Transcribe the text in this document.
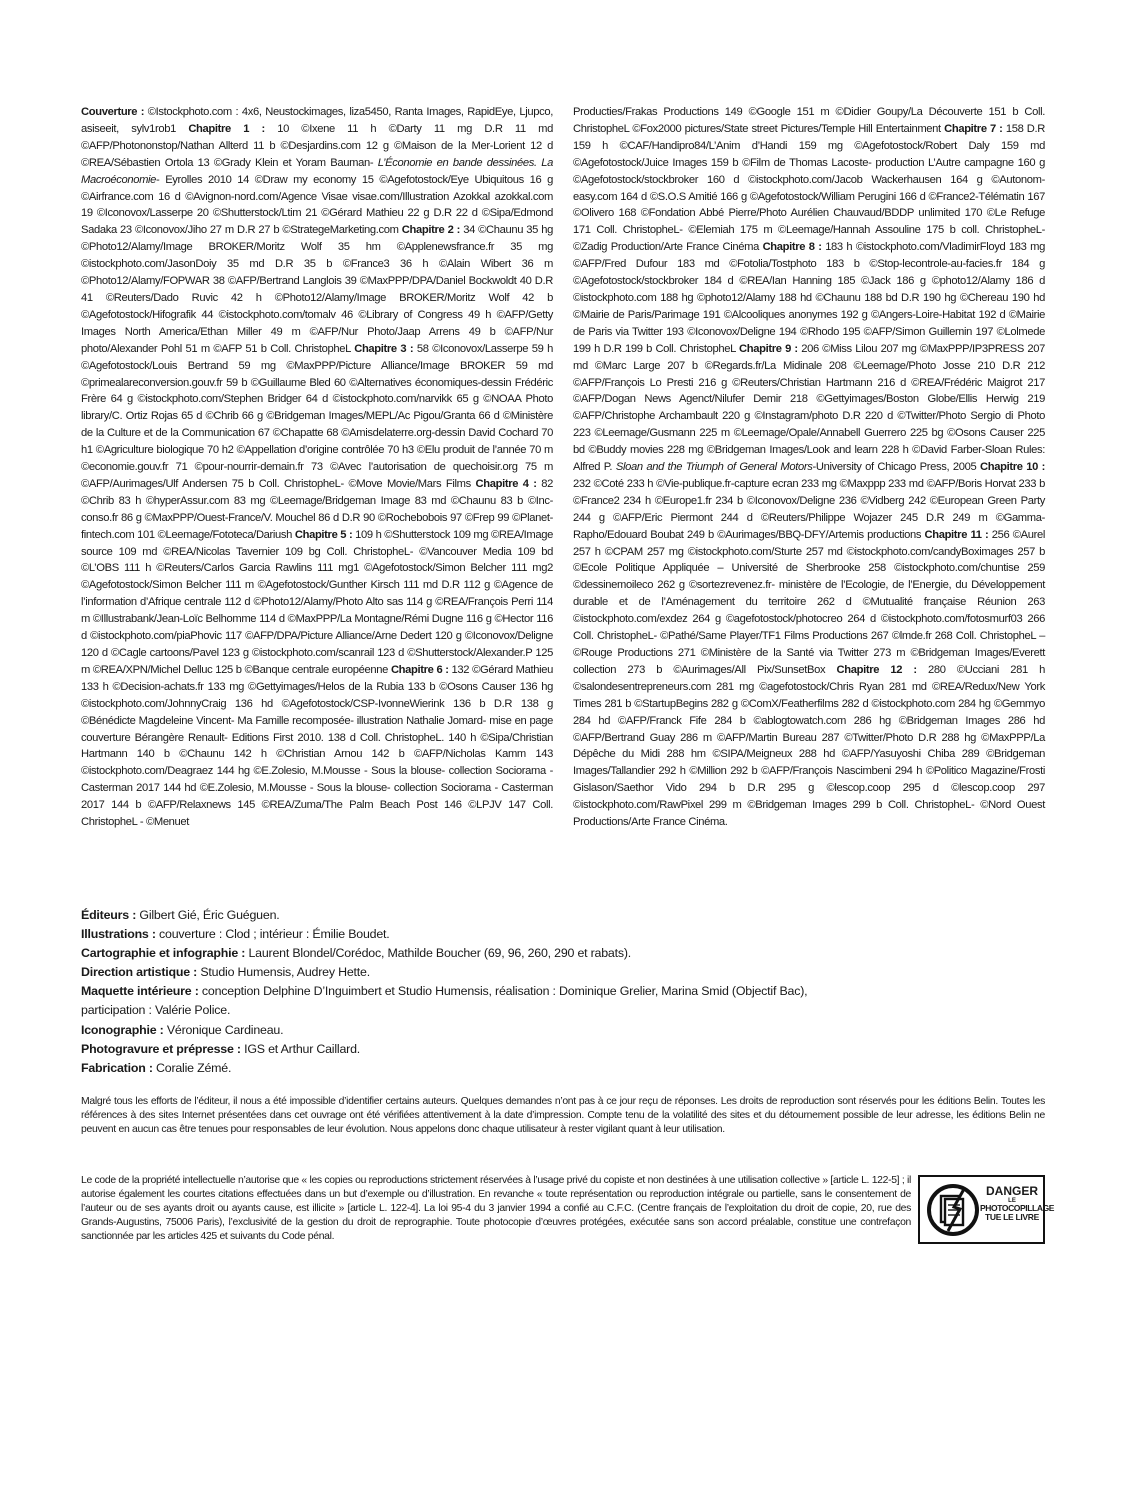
Couverture : ©Istockphoto.com : 4x6, Neustockimages, liza5450, Ranta Images, RapidEye, Ljupco, asiseeit, sylv1rob1 Chapitre 1 : 10 ©Ixene 11 h ©Darty 11 mg D.R 11 md ©AFP/Photononstop/Nathan Allterd 11 b ©Desjardins.com 12 g ©Maison de la Mer-Lorient 12 d ©REA/Sébastien Ortola 13 ©Grady Klein et Yoram Bauman- L’Économie en bande dessinées. La Macroéconomie- Eyrolles 2010 14 ©Draw my economy 15 ©Agefotostock/Eye Ubiquitous 16 g ©Airfrance.com 16 d ©Avignon-nord.com/Agence Visae visae.com/Illustration Azokkal azokkal.com 19 ©Iconovox/Lasserpe 20 ©Shutterstock/Ltim 21 ©Gérard Mathieu 22 g D.R 22 d ©Sipa/Edmond Sadaka 23 ©Iconovox/Jiho 27 m D.R 27 b ©StrategeMarketing.com Chapitre 2 : 34 ©Chaunu 35 hg ©Photo12/Alamy/Image BROKER/Moritz Wolf 35 hm ©Applenewsfrance.fr 35 mg ©istockphoto.com/JasonDoiy 35 md D.R 35 b ©France3 36 h ©Alain Wibert 36 m ©Photo12/Alamy/FOPWAR 38 ©AFP/Bertrand Langlois 39 ©MaxPPP/DPA/Daniel Bockwoldt 40 D.R 41 ©Reuters/Dado Ruvic 42 h ©Photo12/Alamy/Image BROKER/Moritz Wolf 42 b ©Agefotostock/Hifografik 44 ©istockphoto.com/tomalv 46 ©Library of Congress 49 h ©AFP/Getty Images North America/Ethan Miller 49 m ©AFP/Nur Photo/Jaap Arrens 49 b ©AFP/Nur photo/Alexander Pohl 51 m ©AFP 51 b Coll. ChristopheL Chapitre 3 : 58 ©Iconovox/Lasserpe 59 h ©Agefotostock/Louis Bertrand 59 mg ©MaxPPP/Picture Alliance/Image BROKER 59 md ©primealareconversion.gouv.fr 59 b ©Guillaume Bled 60 ©Alternatives économiques-dessin Frédéric Frère 64 g ©istockphoto.com/Stephen Bridger 64 d ©istockphoto.com/narvikk 65 g ©NOAA Photo library/C. Ortiz Rojas 65 d ©Chrib 66 g ©Bridgeman Images/MEPL/Ac Pigou/Granta 66 d ©Ministère de la Culture et de la Communication 67 ©Chapatte 68 ©Amisdelaterre.org-dessin David Cochard 70 h1 ©Agriculture biologique 70 h2 ©Appellation d’origine contrôlée 70 h3 ©Elu produit de l’année 70 m ©economie.gouv.fr 71 ©pour-nourrir-demain.fr 73 ©Avec l’autorisation de quechoisir.org 75 m ©AFP/Aurimages/Ulf Andersen 75 b Coll. ChristopheL- ©Move Movie/Mars Films Chapitre 4 : 82 ©Chrib 83 h ©hyperAssur.com 83 mg ©Leemage/Bridgeman Image 83 md ©Chaunu 83 b ©Inc-conso.fr 86 g ©MaxPPP/Ouest-France/V. Mouchel 86 d D.R 90 ©Rochebobois 97 ©Frep 99 ©Planet-fintech.com 101 ©Leemage/Fototeca/Dariush Chapitre 5 : 109 h ©Shutterstock 109 mg ©REA/Image source 109 md ©REA/Nicolas Tavernier 109 bg Coll. ChristopheL- ©Vancouver Media 109 bd ©L’OBS 111 h ©Reuters/Carlos Garcia Rawlins 111 mg1 ©Agefotostock/Simon Belcher 111 mg2 ©Agefotostock/Simon Belcher 111 m ©Agefotostock/Gunther Kirsch 111 md D.R 112 g ©Agence de l’information d’Afrique centrale 112 d ©Photo12/Alamy/Photo Alto sas 114 g ©REA/François Perri 114 m ©Illustrabank/Jean-Loïc Belhomme 114 d ©MaxPPP/La Montagne/Rémi Dugne 116 g ©Hector 116 d ©istockphoto.com/piaPhovic 117 ©AFP/DPA/Picture Alliance/Arne Dedert 120 g ©Iconovox/Deligne 120 d ©Cagle cartoons/Pavel 123 g ©istockphoto.com/scanrail 123 d ©Shutterstock/Alexander.P 125 m ©REA/XPN/Michel Delluc 125 b ©Banque centrale européenne Chapitre 6 : 132 ©Gérard Mathieu 133 h ©Decision-achats.fr 133 mg ©Gettyimages/Helos de la Rubia 133 b ©Osons Causer 136 hg ©istockphoto.com/JohnnyCraig 136 hd ©Agefotostock/CSP-IvonneWierink 136 b D.R 138 g ©Bénédicte Magdeleine Vincent- Ma Famille recomposée- illustration Nathalie Jomard- mise en page couverture Bérangère Renault- Editions First 2010. 138 d Coll. ChristopheL. 140 h ©Sipa/Christian Hartmann 140 b ©Chaunu 142 h ©Christian Arnou 142 b ©AFP/Nicholas Kamm 143 ©istockphoto.com/Deagraez 144 hg ©E.Zolesio, M.Mousse - Sous la blouse- collection Sociorama - Casterman 2017 144 hd ©E.Zolesio, M.Mousse - Sous la blouse- collection Sociorama - Casterman 2017 144 b ©AFP/Relaxnews 145 ©REA/Zuma/The Palm Beach Post 146 ©LPJV 147 Coll. ChristopheL - ©Menuet
Producties/Frakas Productions 149 ©Google 151 m ©Didier Goupy/La Découverte 151 b Coll. ChristopheL ©Fox2000 pictures/State street Pictures/Temple Hill Entertainment Chapitre 7 : 158 D.R 159 h ©CAF/Handipro84/L’Anim d’Handi 159 mg ©Agefotostock/Robert Daly 159 md ©Agefotostock/Juice Images 159 b ©Film de Thomas Lacoste- production L’Autre campagne 160 g ©Agefotostock/stockbroker 160 d ©istockphoto.com/Jacob Wackerhausen 164 g ©Autonom-easy.com 164 d ©S.O.S Amitié 166 g ©Agefotostock/William Perugini 166 d ©France2-Télématin 167 ©Olivero 168 ©Fondation Abbé Pierre/Photo Aurélien Chauvaud/BDDP unlimited 170 ©Le Refuge 171 Coll. ChristopheL- ©Elemiah 175 m ©Leemage/Hannah Assouline 175 b coll. ChristopheL- ©Zadig Production/Arte France Cinéma Chapitre 8 : 183 h ©istockphoto.com/VladimirFloyd 183 mg ©AFP/Fred Dufour 183 md ©Fotolia/Tostphoto 183 b ©Stop-lecontrole-au-facies.fr 184 g ©Agefotostock/stockbroker 184 d ©REA/Ian Hanning 185 ©Jack 186 g ©photo12/Alamy 186 d ©istockphoto.com 188 hg ©photo12/Alamy 188 hd ©Chaunu 188 bd D.R 190 hg ©Chereau 190 hd ©Mairie de Paris/Parimage 191 ©Alcooliques anonymes 192 g ©Angers-Loire-Habitat 192 d ©Mairie de Paris via Twitter 193 ©Iconovox/Deligne 194 ©Rhodo 195 ©AFP/Simon Guillemin 197 ©Lolmede 199 h D.R 199 b Coll. ChristopheL Chapitre 9 : 206 ©Miss Lilou 207 mg ©MaxPPP/IP3PRESS 207 md ©Marc Large 207 b ©Regards.fr/La Midinale 208 ©Leemage/Photo Josse 210 D.R 212 ©AFP/François Lo Presti 216 g ©Reuters/Christian Hartmann 216 d ©REA/Frédéric Maigrot 217 ©AFP/Dogan News Agenct/Nilufer Demir 218 ©Gettyimages/Boston Globe/Ellis Herwig 219 ©AFP/Christophe Archambault 220 g ©Instagram/photo D.R 220 d ©Twitter/Photo Sergio di Photo 223 ©Leemage/Gusmann 225 m ©Leemage/Opale/Annabell Guerrero 225 bg ©Osons Causer 225 bd ©Buddy movies 228 mg ©Bridgeman Images/Look and learn 228 h ©David Farber-Sloan Rules: Alfred P. Sloan and the Triumph of General Motors-University of Chicago Press, 2005 Chapitre 10 : 232 ©Coté 233 h ©Vie-publique.fr-capture ecran 233 mg ©Maxppp 233 md ©AFP/Boris Horvat 233 b ©France2 234 h ©Europe1.fr 234 b ©Iconovox/Deligne 236 ©Vidberg 242 ©European Green Party 244 g ©AFP/Eric Piermont 244 d ©Reuters/Philippe Wojazer 245 D.R 249 m ©Gamma-Rapho/Edouard Boubat 249 b ©Aurimages/BBQ-DFY/Artemis productions Chapitre 11 : 256 ©Aurel 257 h ©CPAM 257 mg ©istockphoto.com/Sturte 257 md ©istockphoto.com/candyBoximages 257 b ©Ecole Politique Appliquée – Université de Sherbrooke 258 ©istockphoto.com/chuntise 259 ©dessinemoileco 262 g ©sortezrevenez.fr- ministère de l’Ecologie, de l’Energie, du Développement durable et de l’Aménagement du territoire 262 d ©Mutualité française Réunion 263 ©istockphoto.com/exdez 264 g ©agefotostock/photocreo 264 d ©istockphoto.com/fotosmurf03 266 Coll. ChristopheL- ©Pathé/Same Player/TF1 Films Productions 267 ©lmde.fr 268 Coll. ChristopheL – ©Rouge Productions 271 ©Ministère de la Santé via Twitter 273 m ©Bridgeman Images/Everett collection 273 b ©Aurimages/All Pix/SunsetBox Chapitre 12 : 280 ©Ucciani 281 h ©salondesentrepreneurs.com 281 mg ©agefotostock/Chris Ryan 281 md ©REA/Redux/New York Times 281 b ©StartupBegins 282 g ©ComX/Featherfilms 282 d ©istockphoto.com 284 hg ©Gemmyo 284 hd ©AFP/Franck Fife 284 b ©ablogtowatch.com 286 hg ©Bridgeman Images 286 hd ©AFP/Bertrand Guay 286 m ©AFP/Martin Bureau 287 ©Twitter/Photo D.R 288 hg ©MaxPPP/La Dépêche du Midi 288 hm ©SIPA/Meigneux 288 hd ©AFP/Yasuyoshi Chiba 289 ©Bridgeman Images/Tallandier 292 h ©Million 292 b ©AFP/François Nascimbeni 294 h ©Politico Magazine/Frosti Gislason/Saethor Vido 294 b D.R 295 g ©lescop.coop 295 d ©lescop.coop 297 ©istockphoto.com/RawPixel 299 m ©Bridgeman Images 299 b Coll. ChristopheL- ©Nord Ouest Productions/Arte France Cinéma.
Éditeurs : Gilbert Gié, Éric Guéguen.
Illustrations : couverture : Clod ; intérieur : Émilie Boudet.
Cartographie et infographie : Laurent Blondel/Corédoc, Mathilde Boucher (69, 96, 260, 290 et rabats).
Direction artistique : Studio Humensis, Audrey Hette.
Maquette intérieure : conception Delphine D’Inguimbert et Studio Humensis, réalisation : Dominique Grelier, Marina Smid (Objectif Bac),
participation : Valérie Police.
Iconographie : Véronique Cardineau.
Photogravure et prépresse : IGS et Arthur Caillard.
Fabrication : Coralie Zémé.
Malgré tous les efforts de l’éditeur, il nous a été impossible d’identifier certains auteurs. Quelques demandes n’ont pas à ce jour reçu de réponses. Les droits de reproduction sont réservés pour les éditions Belin. Toutes les références à des sites Internet présentées dans cet ouvrage ont été vérifiées attentivement à la date d’impression. Compte tenu de la volatilité des sites et du détournement possible de leur adresse, les éditions Belin ne peuvent en aucun cas être tenues pour responsables de leur évolution. Nous appelons donc chaque utilisateur à rester vigilant quant à leur utilisation.
Le code de la propriété intellectuelle n’autorise que « les copies ou reproductions strictement réservées à l’usage privé du copiste et non destinées à une utilisation collective » [article L. 122-5] ; il autorise également les courtes citations effectuées dans un but d’exemple ou d’illustration. En revanche « toute représentation ou reproduction intégrale ou partielle, sans le consentement de l’auteur ou de ses ayants droit ou ayants cause, est illicite » [article L. 122-4]. La loi 95-4 du 3 janvier 1994 a confié au C.F.C. (Centre français de l’exploitation du droit de copie, 20, rue des Grands-Augustins, 75006 Paris), l’exclusivité de la gestion du droit de reprographie. Toute photocopie d’œuvres protégées, exécutée sans son accord préalable, constitue une contrefaçon sanctionnée par les articles 425 et suivants du Code pénal.
DANGER
LE
PHOTOCOPILLAGE
TUE LE LIVRE
